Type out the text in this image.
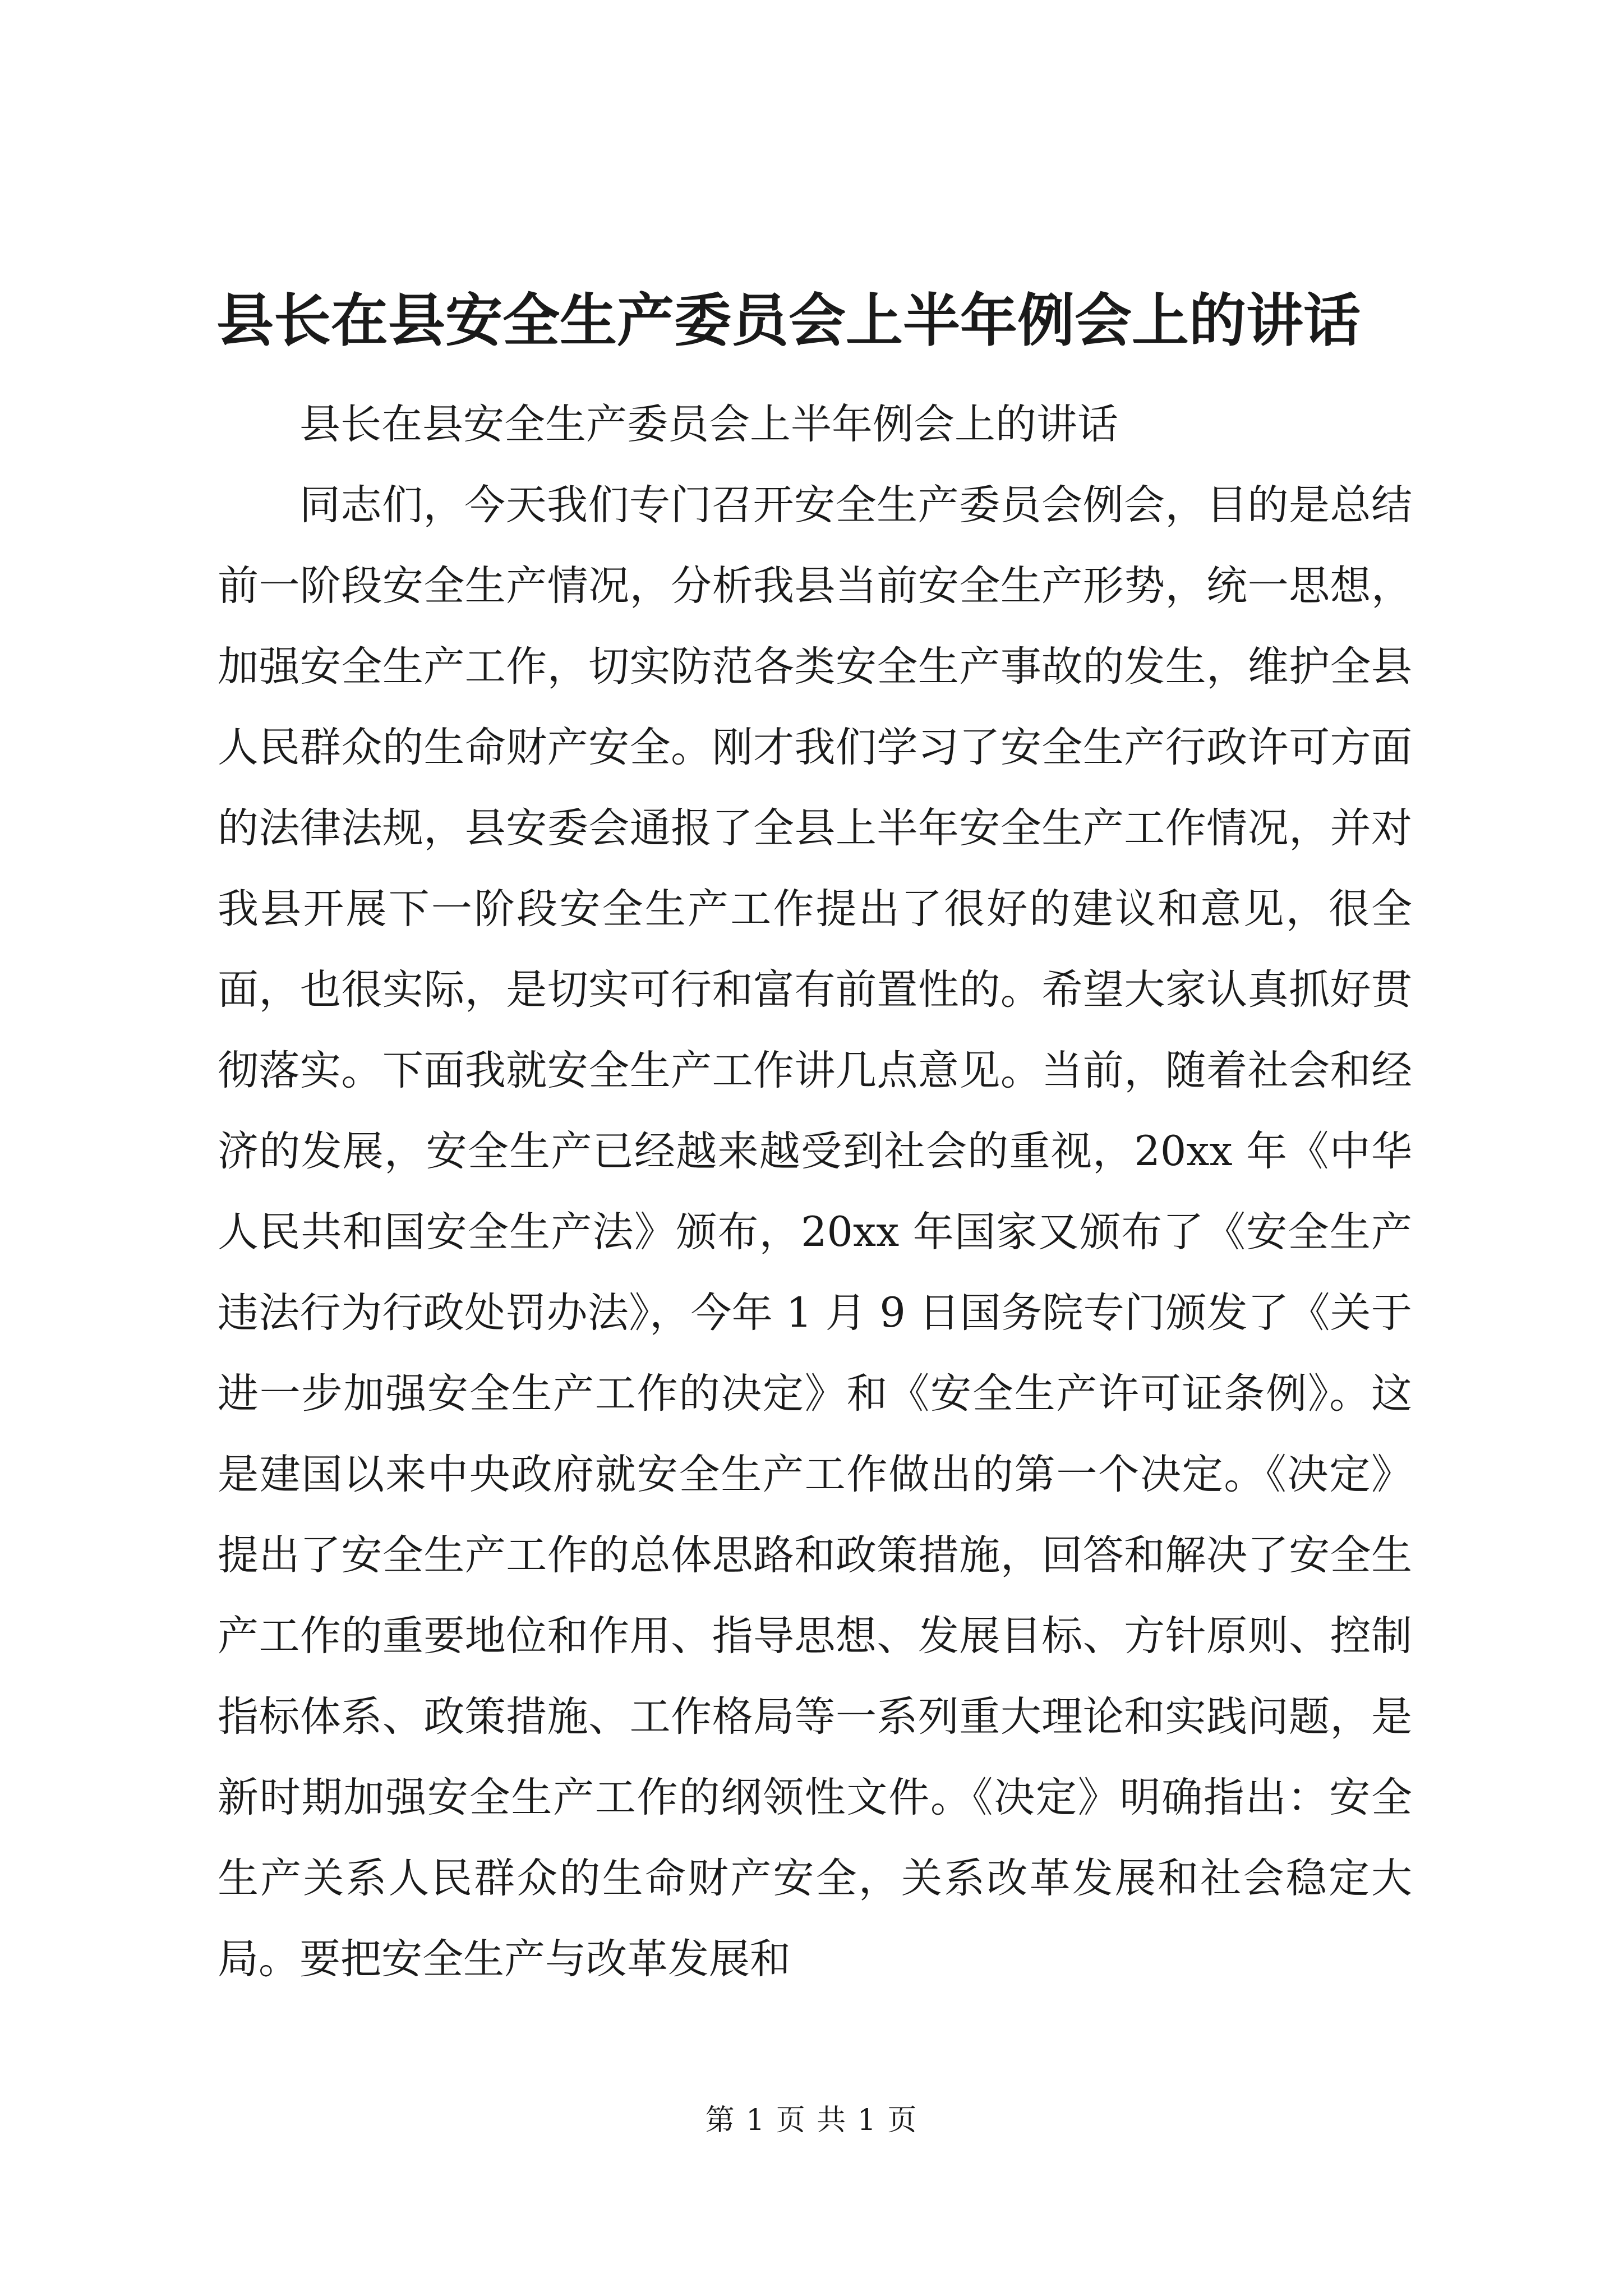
县长在县安全生产委员会上半年例会上的讲话

县长在县安全生产委员会上半年例会上的讲话

同志们，今天我们专门召开安全生产委员会例会，目的是总结前一阶段安全生产情况，分析我县当前安全生产形势，统一思想，加强安全生产工作，切实防范各类安全生产事故的发生，维护全县人民群众的生命财产安全。刚才我们学习了安全生产行政许可方面的法律法规，县安委会通报了全县上半年安全生产工作情况，并对我县开展下一阶段安全生产工作提出了很好的建议和意见，很全面，也很实际，是切实可行和富有前置性的。希望大家认真抓好贯彻落实。下面我就安全生产工作讲几点意见。当前，随着社会和经济的发展，安全生产已经越来越受到社会的重视，20xx 年《中华人民共和国安全生产法》颁布，20xx 年国家又颁布了《安全生产违法行为行政处罚办法》，今年 1 月 9 日国务院专门颁发了《关于进一步加强安全生产工作的决定》和《安全生产许可证条例》。这是建国以来中央政府就安全生产工作做出的第一个决定。《决定》提出了安全生产工作的总体思路和政策措施，回答和解决了安全生产工作的重要地位和作用、指导思想、发展目标、方针原则、控制指标体系、政策措施、工作格局等一系列重大理论和实践问题，是新时期加强安全生产工作的纲领性文件。《决定》明确指出：安全生产关系人民群众的生命财产安全，关系改革发展和社会稳定大局。要把安全生产与改革发展和

第 1 页 共 1 页
